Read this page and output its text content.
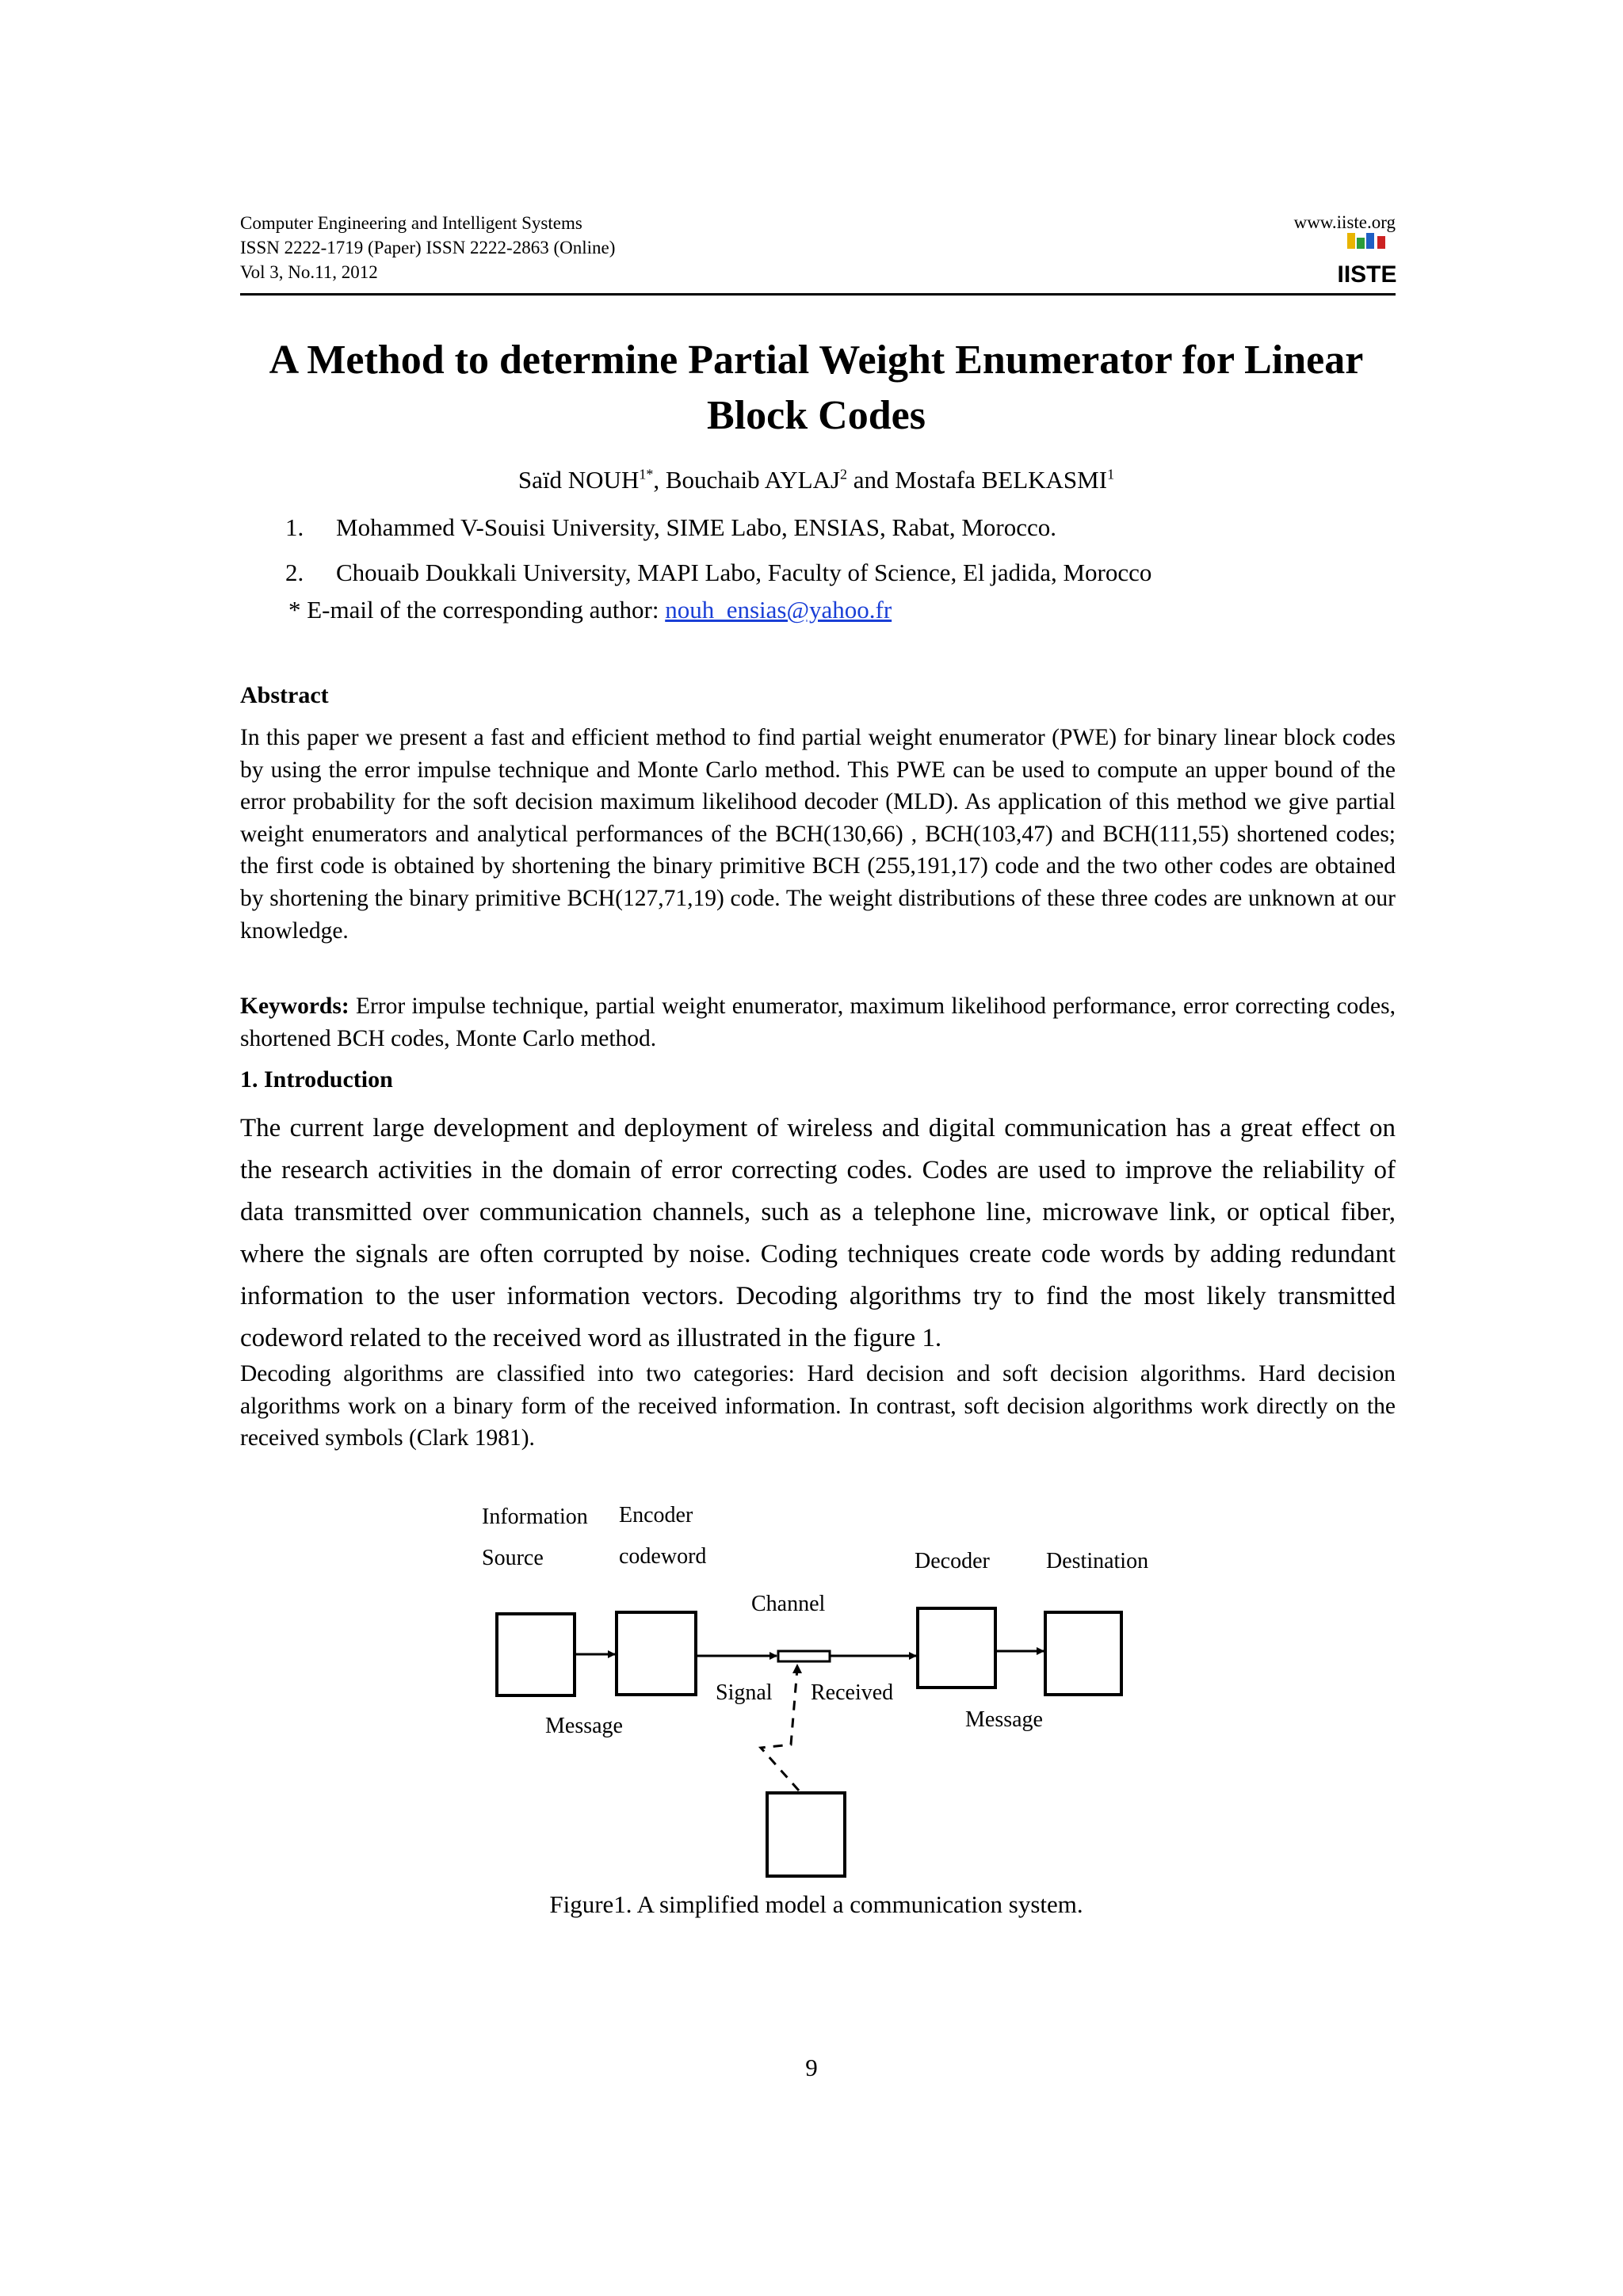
Computer Engineering and Intelligent Systems
ISSN 2222-1719 (Paper) ISSN 2222-2863 (Online)
Vol 3, No.11, 2012
www.iiste.org
IISTE
A Method to determine Partial Weight Enumerator for Linear
Block Codes
Saïd $NOUH^{1*}$, Bouchaib AYLAJ$^2$ and Mostafa BELKASMI$^1$
1. Mohammed V-Souisi University, SIME Labo, ENSIAS, Rabat, Morocco.
2. Chouaib Doukkali University, MAPI Labo, Faculty of Science, El jadida, Morocco
* E-mail of the corresponding author: nouh_ensias@yahoo.fr
Abstract
In this paper we present a fast and efficient method to find partial weight enumerator (PWE) for binary linear block codes by using the error impulse technique and Monte Carlo method. This PWE can be used to compute an upper bound of the error probability for the soft decision maximum likelihood decoder (MLD). As application of this method we give partial weight enumerators and analytical performances of the BCH(130,66) , BCH(103,47) and BCH(111,55) shortened codes; the first code is obtained by shortening the binary primitive BCH (255,191,17) code and the two other codes are obtained by shortening the binary primitive BCH(127,71,19) code. The weight distributions of these three codes are unknown at our knowledge.
Keywords: Error impulse technique, partial weight enumerator, maximum likelihood performance, error correcting codes, shortened BCH codes, Monte Carlo method.
1. Introduction
The current large development and deployment of wireless and digital communication has a great effect on the research activities in the domain of error correcting codes. Codes are used to improve the reliability of data transmitted over communication channels, such as a telephone line, microwave link, or optical fiber, where the signals are often corrupted by noise. Coding techniques create code words by adding redundant information to the user information vectors. Decoding algorithms try to find the most likely transmitted codeword related to the received word as illustrated in the figure 1.
Decoding algorithms are classified into two categories: Hard decision and soft decision algorithms. Hard decision algorithms work on a binary form of the received information. In contrast, soft decision algorithms work directly on the received symbols (Clark 1981).
Information
Source
Encoder
codeword
Channel
Decoder	Destination
Message
Signal Received
Message
Figure1. A simplified model a communication system.
9
